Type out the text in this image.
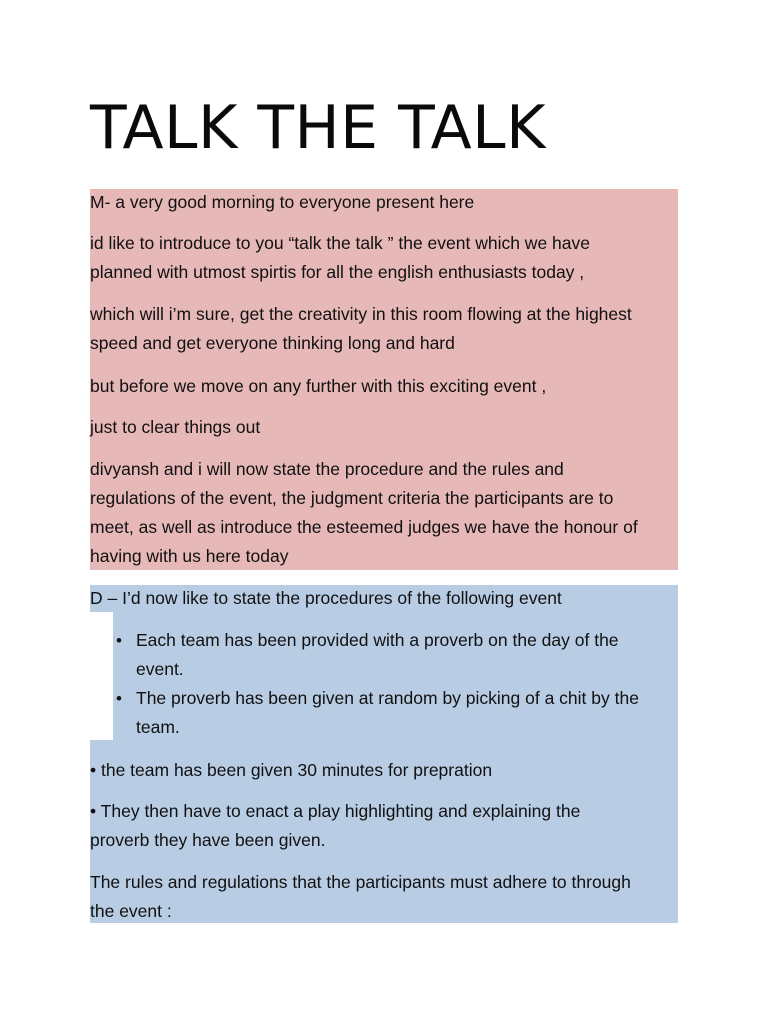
TALK THE TALK

M- a very good morning to everyone present here

id like to introduce to you “talk the talk ” the event which we have

planned with utmost spirtis for all the english enthusiasts today ,

which will i’m sure, get the creativity in this room flowing at the highest

speed and get everyone thinking long and hard

but before we move on any further with this exciting event ,

just to clear things out

divyansh and i will now state the procedure and the rules and

regulations of the event, the judgment criteria the participants are to

meet, as well as introduce the esteemed judges we have the honour of

having with us here today

D – I’d now like to state the procedures of the following event

• Each team has been provided with a proverb on the day of the

event.

• The proverb has been given at random by picking of a chit by the

team.

• the team has been given 30 minutes for prepration

• They then have to enact a play highlighting and explaining the

proverb they have been given.

The rules and regulations that the participants must adhere to through

the event :
